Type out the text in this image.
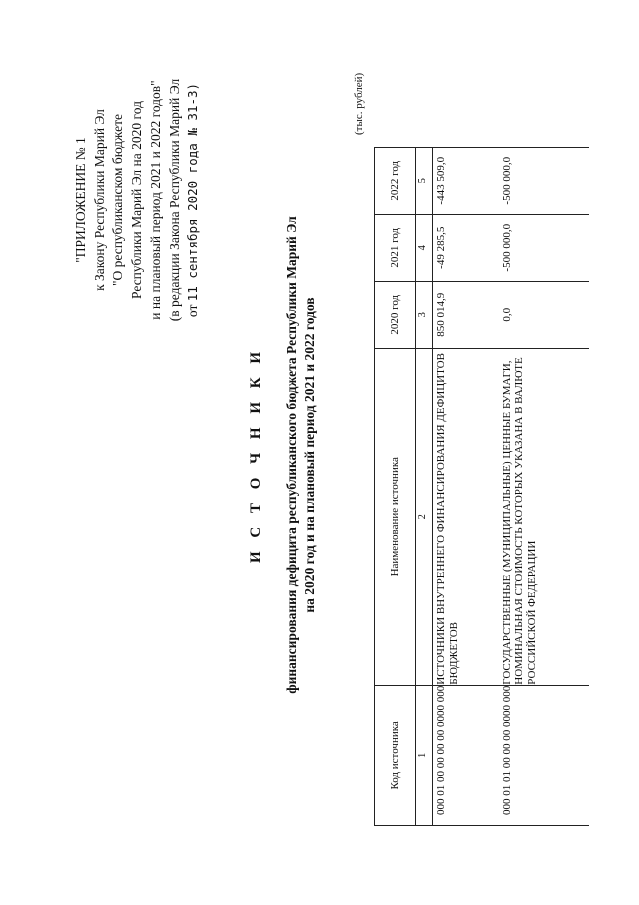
"ПРИЛОЖЕНИЕ № 1 к Закону Республики Марий Эл "О республиканском бюджете Республики Марий Эл на 2020 год и на плановый период 2021 и 2022 годов" (в редакции Закона Республики Марий Эл от 11 сентября 2020 года № 31-З)
И С Т О Ч Н И К И финансирования дефицита республиканского бюджета Республики Марий Эл на 2020 год и на плановый период 2021 и 2022 годов
(тыс. рублей)
Код источника	Наименование источника	2020 год	2021 год	2022 год
1	2	3	4	5
000 01 00 00 00 00 0000 000	ИСТОЧНИКИ ВНУТРЕННЕГО ФИНАНСИРОВАНИЯ ДЕФИЦИТОВ БЮДЖЕТОВ	850 014,9	-49 285,5	-443 509,0
000 01 01 00 00 00 0000 000	ГОСУДАРСТВЕННЫЕ (МУНИЦИПАЛЬНЫЕ) ЦЕННЫЕ БУМАГИ, НОМИНАЛЬНАЯ СТОИМОСТЬ КОТОРЫХ УКАЗАНА В ВАЛЮТЕ РОССИЙСКОЙ ФЕДЕРАЦИИ	0,0	-500 000,0	-500 000,0
